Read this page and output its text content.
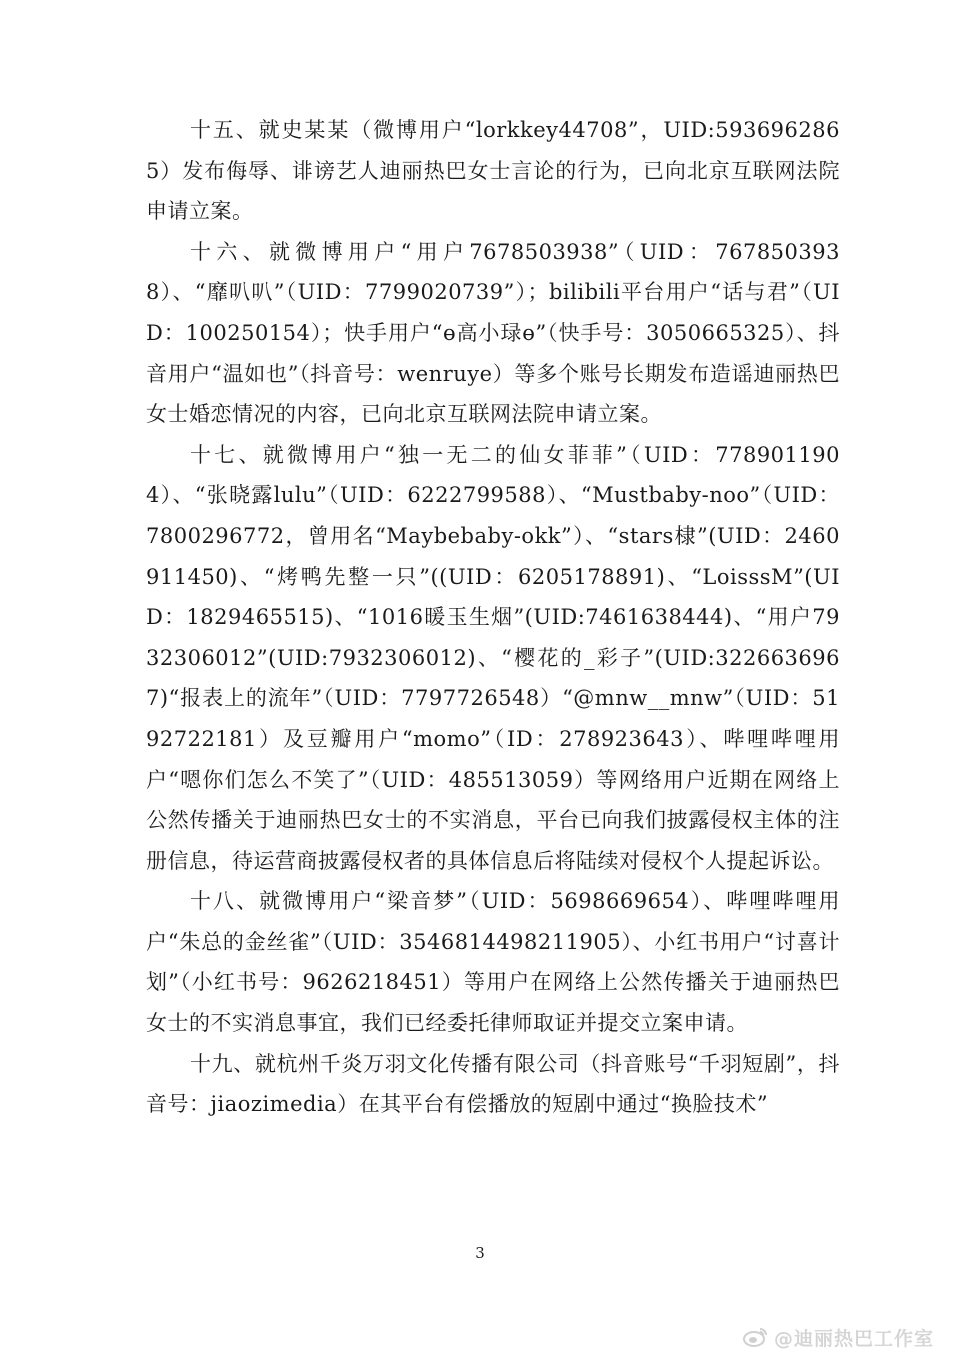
十五、就史某某（微博用户“lorkkey44708”，UID:5936962865）发布侮辱、诽谤艺人迪丽热巴女士言论的行为，已向北京互联网法院申请立案。

十六、就微博用户“用户7678503938”（UID：7678503938）、“靡叭叭”（UID：7799020739”）；bilibili平台用户“话与君”（UID：100250154）；快手用户“ɵ高小琭ɵ”（快手号：3050665325）、抖音用户“温如也”（抖音号：wenruye）等多个账号长期发布造谣迪丽热巴女士婚恋情况的内容，已向北京互联网法院申请立案。

十七、就微博用户“独一无二的仙女菲菲”（UID：7789011904）、“张晓露lulu”（UID：6222799588）、“Mustbaby-noo”（UID：7800296772，曾用名“Maybebaby-okk”）、“stars棣”(UID：2460911450)、“烤鸭先整一只”((UID：6205178891)、“LoisssM”(UID：1829465515)、“1016暖玉生烟”(UID:7461638444)、“用户7932306012”(UID:7932306012)、“樱花的_彩子”(UID:3226636967)“报表上的流年”（UID：7797726548）“@mnw__mnw”（UID：5192722181）及豆瓣用户“momo”（ID：278923643）、哔哩哔哩用户“嗯你们怎么不笑了”（UID：485513059）等网络用户近期在网络上公然传播关于迪丽热巴女士的不实消息，平台已向我们披露侵权主体的注册信息，待运营商披露侵权者的具体信息后将陆续对侵权个人提起诉讼。

十八、就微博用户“梁音梦”（UID：5698669654）、哔哩哔哩用户“朱总的金丝雀”（UID：3546814498211905）、小红书用户“讨喜计划”（小红书号：9626218451）等用户在网络上公然传播关于迪丽热巴女士的不实消息事宜，我们已经委托律师取证并提交立案申请。

十九、就杭州千炎万羽文化传播有限公司（抖音账号“千羽短剧”，抖音号：jiaozimedia）在其平台有偿播放的短剧中通过“换脸技术”

3
@迪丽热巴工作室
